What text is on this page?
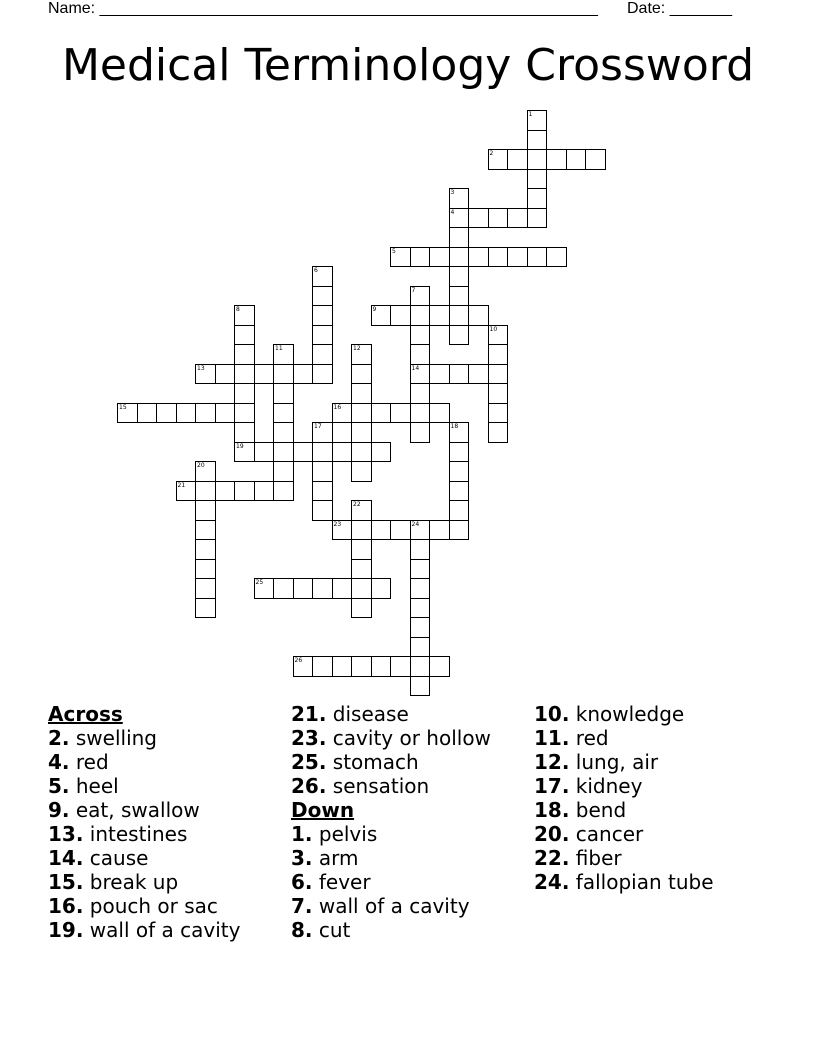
Name: ________________________________________________________ Date: _______
Medical Terminology Crossword
1
2
3
4
5
6
7
8	9
10
11	12
13	14
15	16
17	18
19
20
21
22
23	24
25
26
Across
2. swelling
4. red
5. heel
9. eat, swallow
13. intestines
14. cause
15. break up
16. pouch or sac
19. wall of a cavity
21. disease
23. cavity or hollow
25. stomach
26. sensation
Down
1. pelvis
3. arm
6. fever
7. wall of a cavity
8. cut
10. knowledge
11. red
12. lung, air
17. kidney
18. bend
20. cancer
22. fiber
24. fallopian tube
